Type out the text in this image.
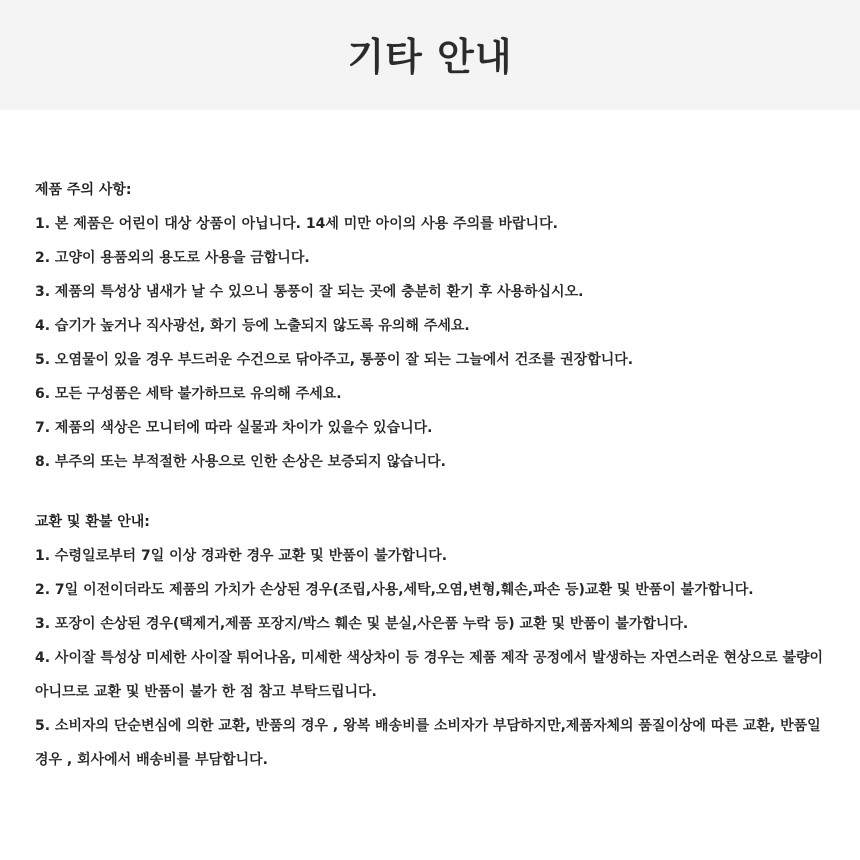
기타 안내

제품 주의 사항:

1. 본 제품은 어린이 대상 상품이 아닙니다. 14세 미만 아이의 사용 주의를 바랍니다.

2. 고양이 용품외의 용도로 사용을 금합니다.

3. 제품의 특성상 냄새가 날 수 있으니 통풍이 잘 되는 곳에 충분히 환기 후 사용하십시오.

4. 습기가 높거나 직사광선, 화기 등에 노출되지 않도록 유의해 주세요.

5. 오염물이 있을 경우 부드러운 수건으로 닦아주고, 통풍이 잘 되는 그늘에서 건조를 권장합니다.

6. 모든 구성품은 세탁 불가하므로 유의해 주세요.

7. 제품의 색상은 모니터에 따라 실물과 차이가 있을수 있습니다.

8. 부주의 또는 부적절한 사용으로 인한 손상은 보증되지 않습니다.

교환 및 환불 안내:

1. 수령일로부터 7일 이상 경과한 경우 교환 및 반품이 불가합니다.

2. 7일 이전이더라도 제품의 가치가 손상된 경우(조립,사용,세탁,오염,변형,훼손,파손 등)교환 및 반품이 불가합니다.

3. 포장이 손상된 경우(택제거,제품 포장지/박스 훼손 및 분실,사은품 누락 등) 교환 및 반품이 불가합니다.

4. 사이잘 특성상 미세한 사이잘 튀어나옴, 미세한 색상차이 등 경우는 제품 제작 공정에서 발생하는 자연스러운 현상으로 불량이
아니므로 교환 및 반품이 불가 한 점 참고 부탁드립니다.
5. 소비자의 단순변심에 의한 교환, 반품의 경우 , 왕복 배송비를 소비자가 부담하지만,제품자체의 품질이상에 따른 교환, 반품일
경우 , 회사에서 배송비를 부담합니다.
